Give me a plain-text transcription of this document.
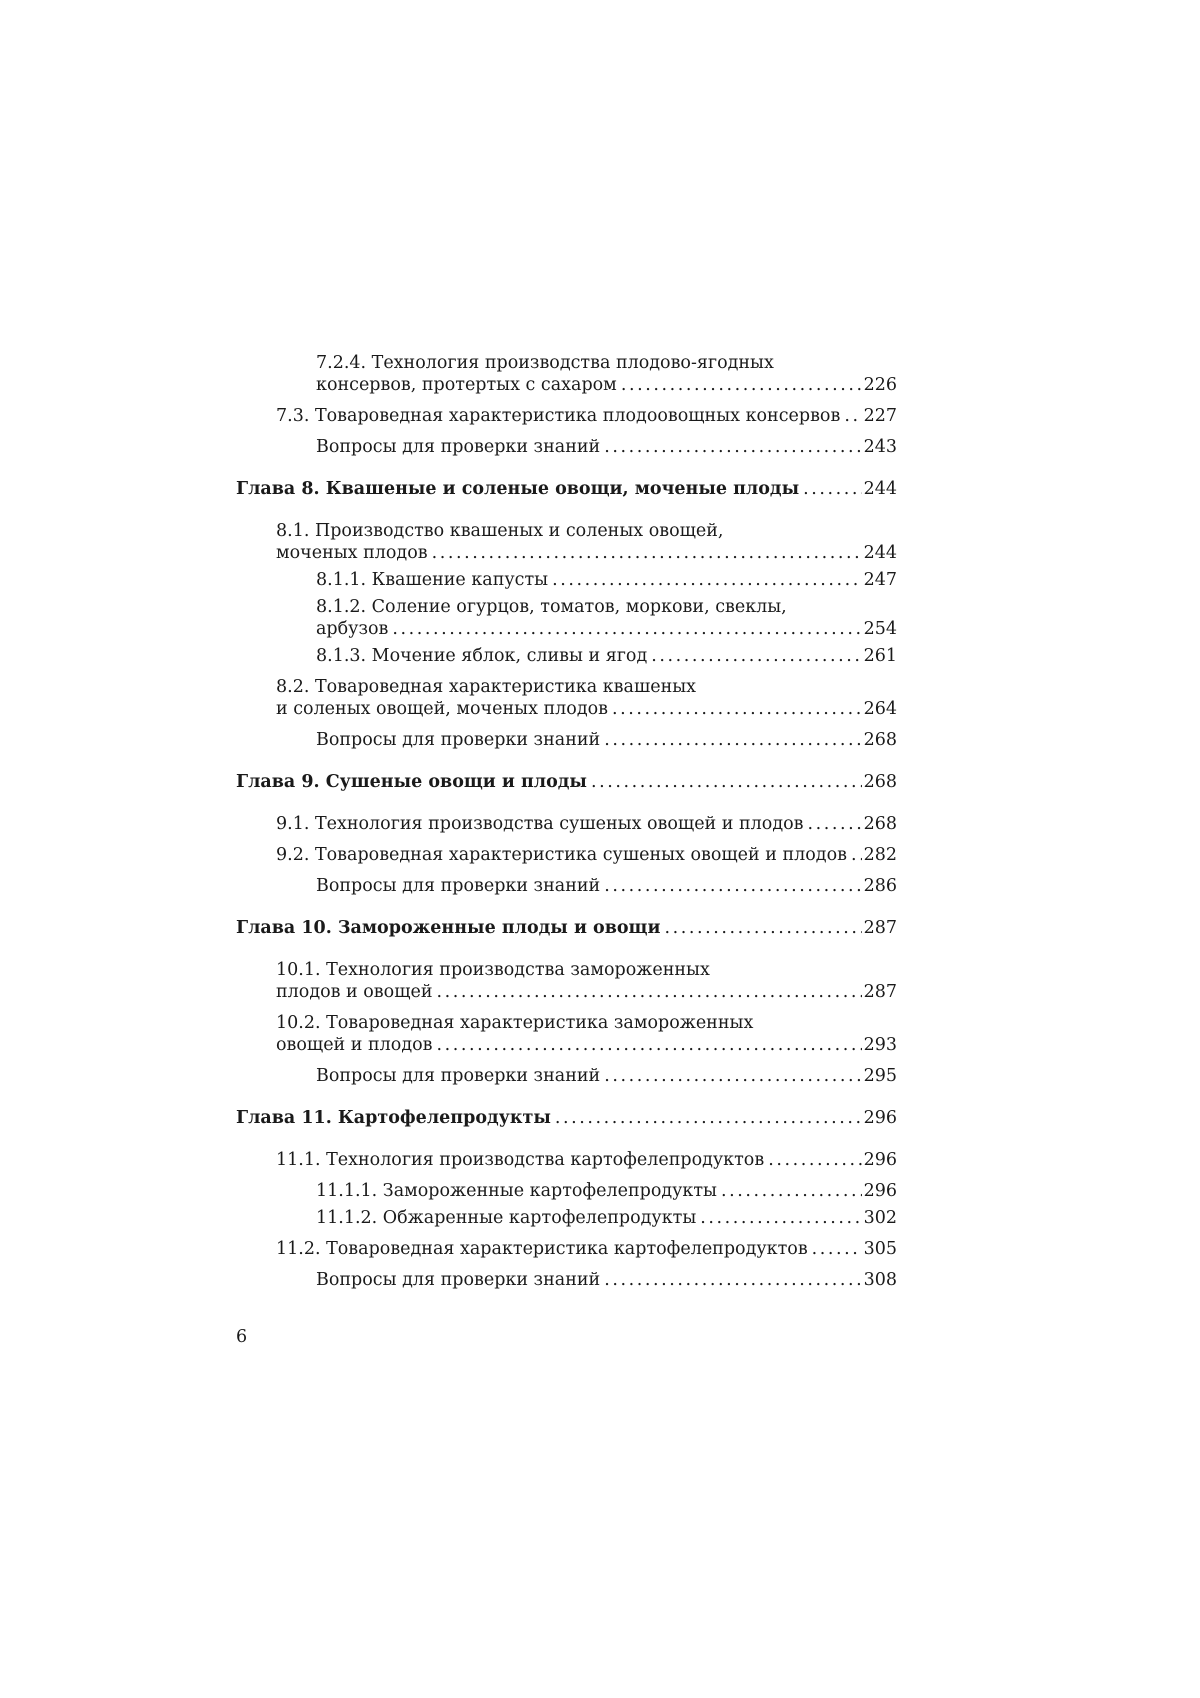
7.2.4. Технология производства плодово-ягодных
консервов, протертых с сахаром . . .	226
7.3. Товароведная характеристика плодоовощных консервов . . . 227
Вопросы для проверки знаний . . .	243
Глава 8. Квашеные и соленые овощи, моченые плоды . . .	244
8.1. Производство квашеных и соленых овощей,
моченых плодов . . .	244
8.1.1. Квашение капусты . . .	247
8.1.2. Соление огурцов, томатов, моркови, свеклы,
арбузов . . .	254
8.1.3. Мочение яблок, сливы и ягод . . .	261
8.2. Товароведная характеристика квашеных
и соленых овощей, моченых плодов . . .	264
Вопросы для проверки знаний . . .	268
Глава 9. Сушеные овощи и плоды . . .	268
9.1. Технология производства сушеных овощей и плодов . . .	268
9.2. Товароведная характеристика сушеных овощей и плодов . . . 282
Вопросы для проверки знаний . . .	286
Глава 10. Замороженные плоды и овощи . . .	287
10.1. Технология производства замороженных
плодов и овощей . . .	287
10.2. Товароведная характеристика замороженных
овощей и плодов . . .	293
Вопросы для проверки знаний . . .	295
Глава 11. Картофелепродукты . . .	296
11.1. Технология производства картофелепродуктов . . .	296
11.1.1. Замороженные картофелепродукты . . .	296
11.1.2. Обжаренные картофелепродукты . . .	302
11.2. Товароведная характеристика картофелепродуктов . . .	305
Вопросы для проверки знаний . . .	308
6
